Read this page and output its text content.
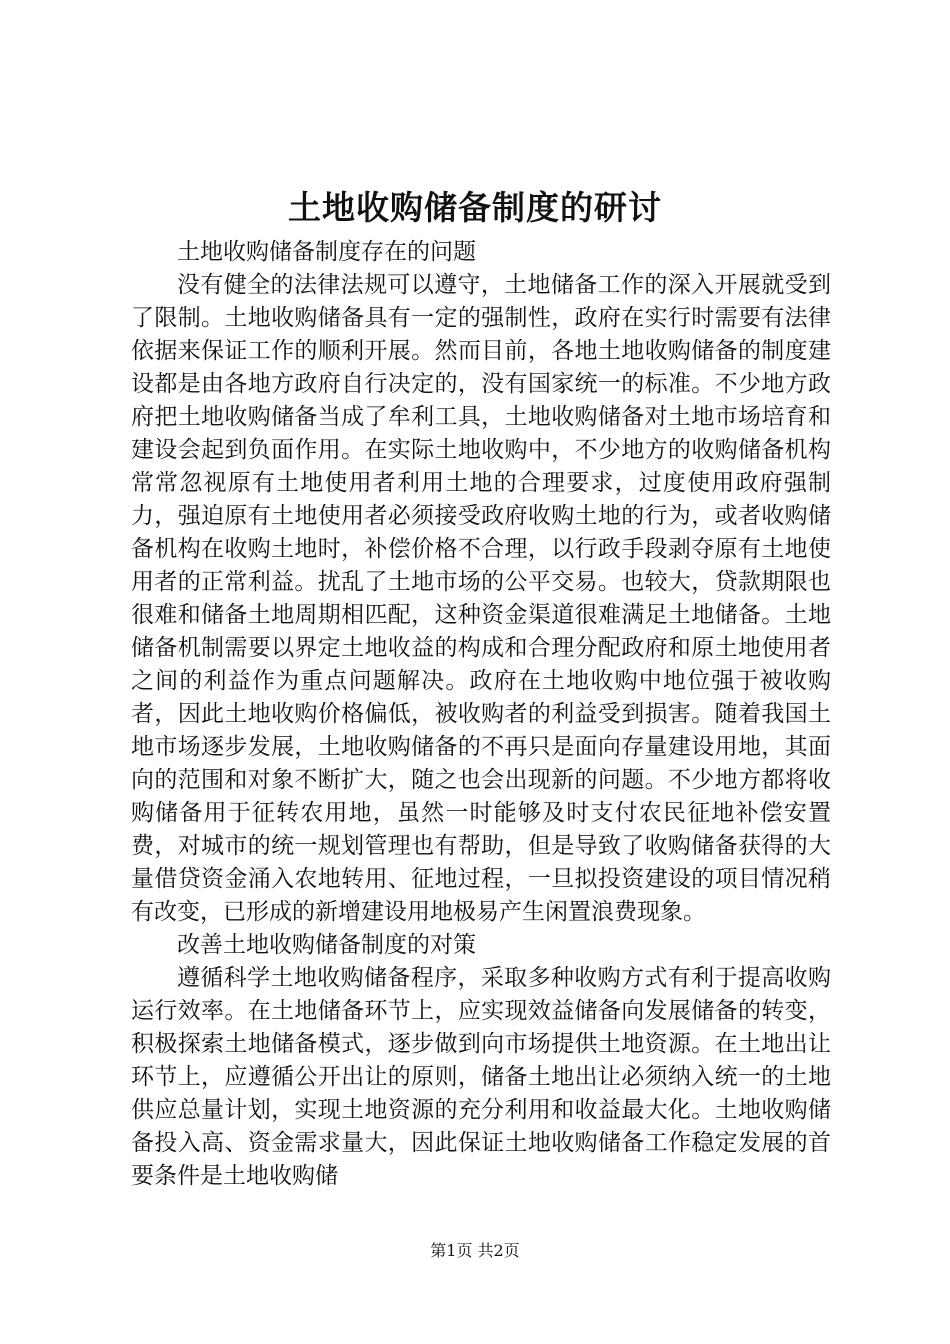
土地收购储备制度的研讨

土地收购储备制度存在的问题

没有健全的法律法规可以遵守，土地储备工作的深入开展就受到了限制。土地收购储备具有一定的强制性，政府在实行时需要有法律依据来保证工作的顺利开展。然而目前，各地土地收购储备的制度建设都是由各地方政府自行决定的，没有国家统一的标准。不少地方政府把土地收购储备当成了牟利工具，土地收购储备对土地市场培育和建设会起到负面作用。在实际土地收购中，不少地方的收购储备机构常常忽视原有土地使用者利用土地的合理要求，过度使用政府强制力，强迫原有土地使用者必须接受政府收购土地的行为，或者收购储备机构在收购土地时，补偿价格不合理，以行政手段剥夺原有土地使用者的正常利益。扰乱了土地市场的公平交易。也较大，贷款期限也很难和储备土地周期相匹配，这种资金渠道很难满足土地储备。土地储备机制需要以界定土地收益的构成和合理分配政府和原土地使用者之间的利益作为重点问题解决。政府在土地收购中地位强于被收购者，因此土地收购价格偏低，被收购者的利益受到损害。随着我国土地市场逐步发展，土地收购储备的不再只是面向存量建设用地，其面向的范围和对象不断扩大，随之也会出现新的问题。不少地方都将收购储备用于征转农用地，虽然一时能够及时支付农民征地补偿安置费，对城市的统一规划管理也有帮助，但是导致了收购储备获得的大量借贷资金涌入农地转用、征地过程，一旦拟投资建设的项目情况稍有改变，已形成的新增建设用地极易产生闲置浪费现象。

改善土地收购储备制度的对策

遵循科学土地收购储备程序，采取多种收购方式有利于提高收购运行效率。在土地储备环节上，应实现效益储备向发展储备的转变，积极探索土地储备模式，逐步做到向市场提供土地资源。在土地出让环节上，应遵循公开出让的原则，储备土地出让必须纳入统一的土地供应总量计划，实现土地资源的充分利用和收益最大化。土地收购储备投入高、资金需求量大，因此保证土地收购储备工作稳定发展的首要条件是土地收购储

第1页 共2页
